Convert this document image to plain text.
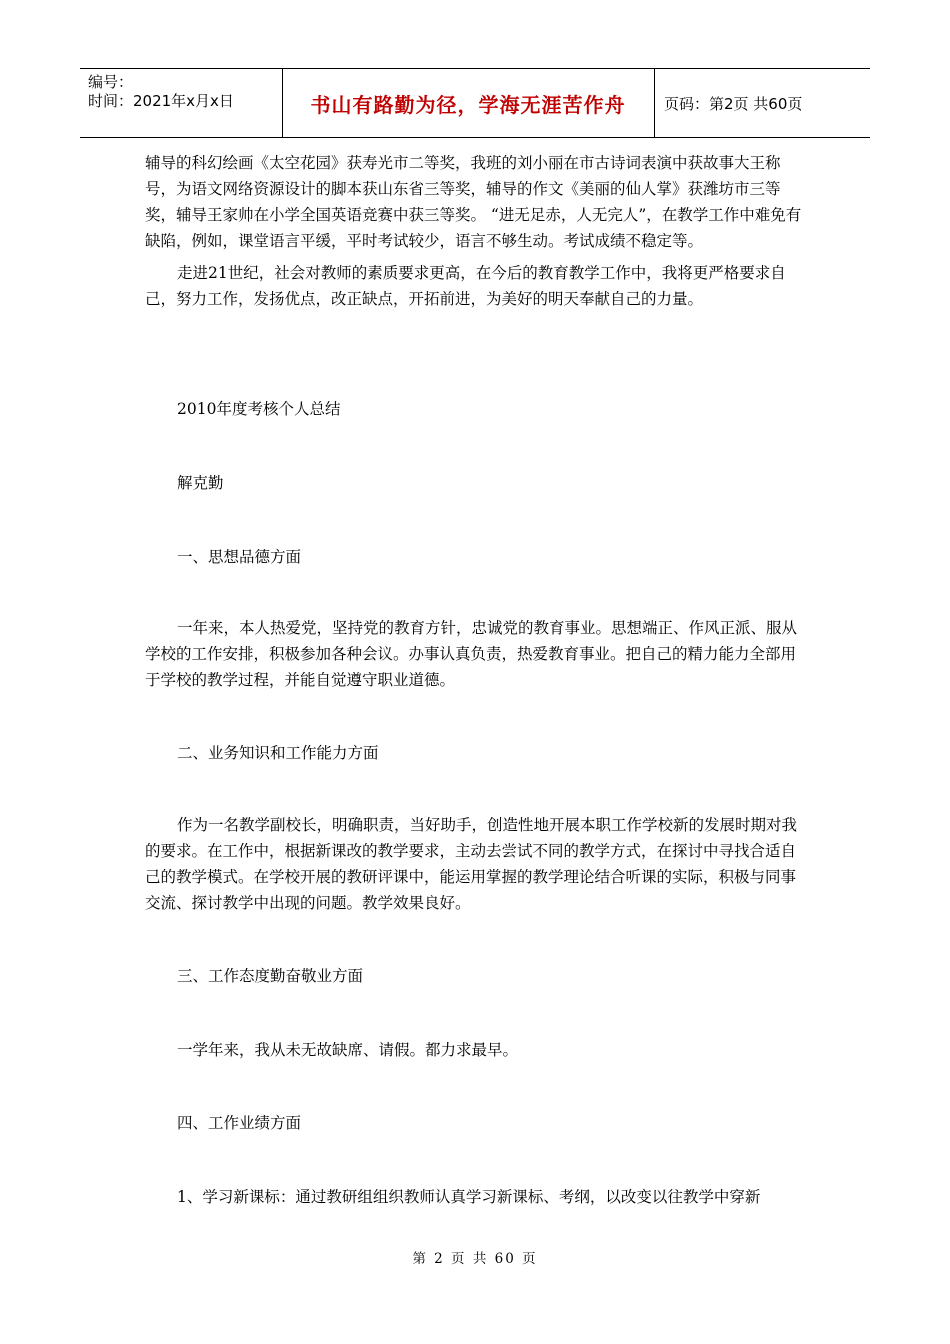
编号：
时间：2021年x月x日	书山有路勤为径，学海无涯苦作舟	页码：第2页 共60页

辅导的科幻绘画《太空花园》获寿光市二等奖，我班的刘小丽在市古诗词表演中获故事大王称号，为语文网络资源设计的脚本获山东省三等奖，辅导的作文《美丽的仙人掌》获潍坊市三等奖，辅导王家帅在小学全国英语竞赛中获三等奖。 “进无足赤，人无完人”，在教学工作中难免有缺陷，例如，课堂语言平缓，平时考试较少，语言不够生动。考试成绩不稳定等。

走进21世纪，社会对教师的素质要求更高，在今后的教育教学工作中，我将更严格要求自己，努力工作，发扬优点，改正缺点，开拓前进，为美好的明天奉献自己的力量。

2010年度考核个人总结
解克勤
一、思想品德方面

一年来，本人热爱党，坚持党的教育方针，忠诚党的教育事业。思想端正、作风正派、服从学校的工作安排，积极参加各种会议。办事认真负责，热爱教育事业。把自己的精力能力全部用于学校的教学过程，并能自觉遵守职业道德。

二、业务知识和工作能力方面

作为一名教学副校长，明确职责，当好助手，创造性地开展本职工作学校新的发展时期对我的要求。在工作中，根据新课改的教学要求，主动去尝试不同的教学方式，在探讨中寻找合适自己的教学模式。在学校开展的教研评课中，能运用掌握的教学理论结合听课的实际，积极与同事交流、探讨教学中出现的问题。教学效果良好。

三、工作态度勤奋敬业方面
一学年来，我从未无故缺席、请假。都力求最早。
四、工作业绩方面
1、学习新课标：通过教研组组织教师认真学习新课标、考纲，以改变以往教学中穿新
第 2 页 共 60 页
